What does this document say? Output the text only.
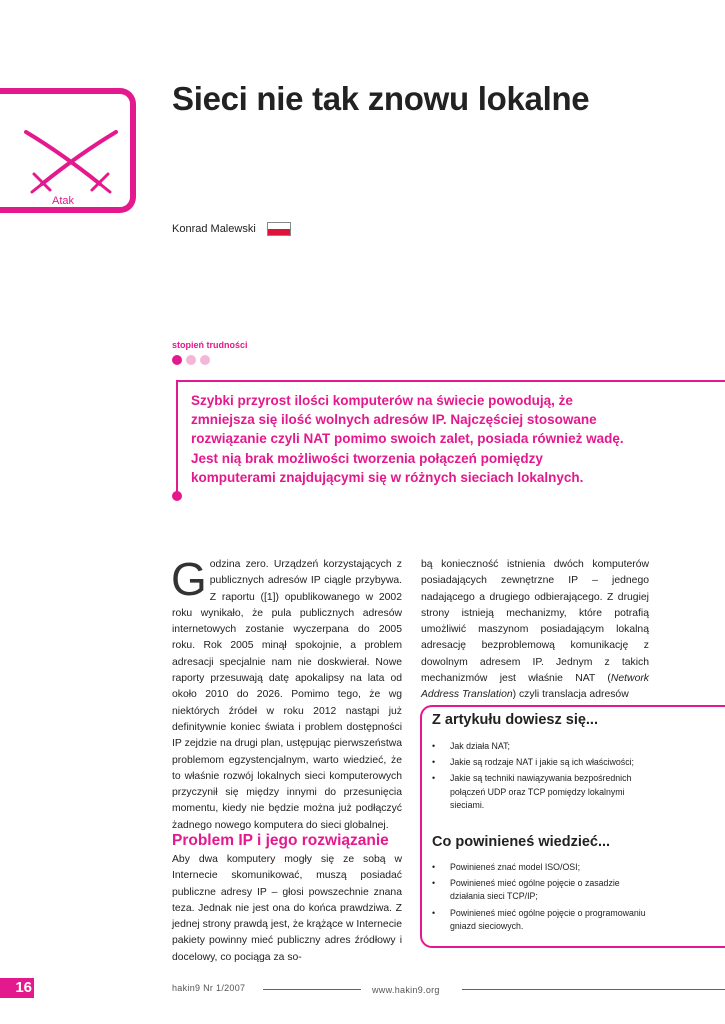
Atak
Sieci nie tak znowu lokalne
Konrad Malewski
stopień trudności
Szybki przyrost ilości komputerów na świecie powodują, że zmniejsza się ilość wolnych adresów IP. Najczęściej stosowane rozwiązanie czyli NAT pomimo swoich zalet, posiada również wadę. Jest nią brak możliwości tworzenia połączeń pomiędzy komputerami znajdującymi się w różnych sieciach lokalnych.
Godzina zero. Urządzeń korzystających z publicznych adresów IP ciągle przybywa. Z raportu ([1]) opublikowanego w 2002 roku wynikało, że pula publicznych adresów internetowych zostanie wyczerpana do 2005 roku. Rok 2005 minął spokojnie, a problem adresacji specjalnie nam nie doskwierał. Nowe raporty przesuwają datę apokalipsy na lata od około 2010 do 2026. Pomimo tego, że wg niektórych źródeł w roku 2012 nastąpi już definitywnie koniec świata i problem dostępności IP zejdzie na drugi plan, ustępując pierwszeństwa problemom egzystencjalnym, warto wiedzieć, że to właśnie rozwój lokalnych sieci komputerowych przyczynił się między innymi do przesunięcia momentu, kiedy nie będzie można już podłączyć żadnego nowego komputera do sieci globalnej.
Problem IP i jego rozwiązanie
Aby dwa komputery mogły się ze sobą w Internecie skomunikować, muszą posiadać publiczne adresy IP – głosi powszechnie znana teza. Jednak nie jest ona do końca prawdziwa. Z jednej strony prawdą jest, że krążące w Internecie pakiety powinny mieć publiczny adres źródłowy i docelowy, co pociąga za so-
bą konieczność istnienia dwóch komputerów posiadających zewnętrzne IP – jednego nadającego a drugiego odbierającego. Z drugiej strony istnieją mechanizmy, które potrafią umożliwić maszynom posiadającym lokalną adresację bezproblemową komunikację z dowolnym adresem IP. Jednym z takich mechanizmów jest właśnie NAT (Network Address Translation) czyli translacja adresów
Z artykułu dowiesz się...
• Jak działa NAT;
• Jakie są rodzaje NAT i jakie są ich właściwości;
• Jakie są techniki nawiązywania bezpośrednich połączeń UDP oraz TCP pomiędzy lokalnymi sieciami.
Co powinieneś wiedzieć...
• Powinieneś znać model ISO/OSI;
• Powinieneś mieć ogólne pojęcie o zasadzie działania sieci TCP/IP;
• Powinieneś mieć ogólne pojęcie o programowaniu gniazd sieciowych.
16	hakin9 Nr 1/2007	www.hakin9.org
